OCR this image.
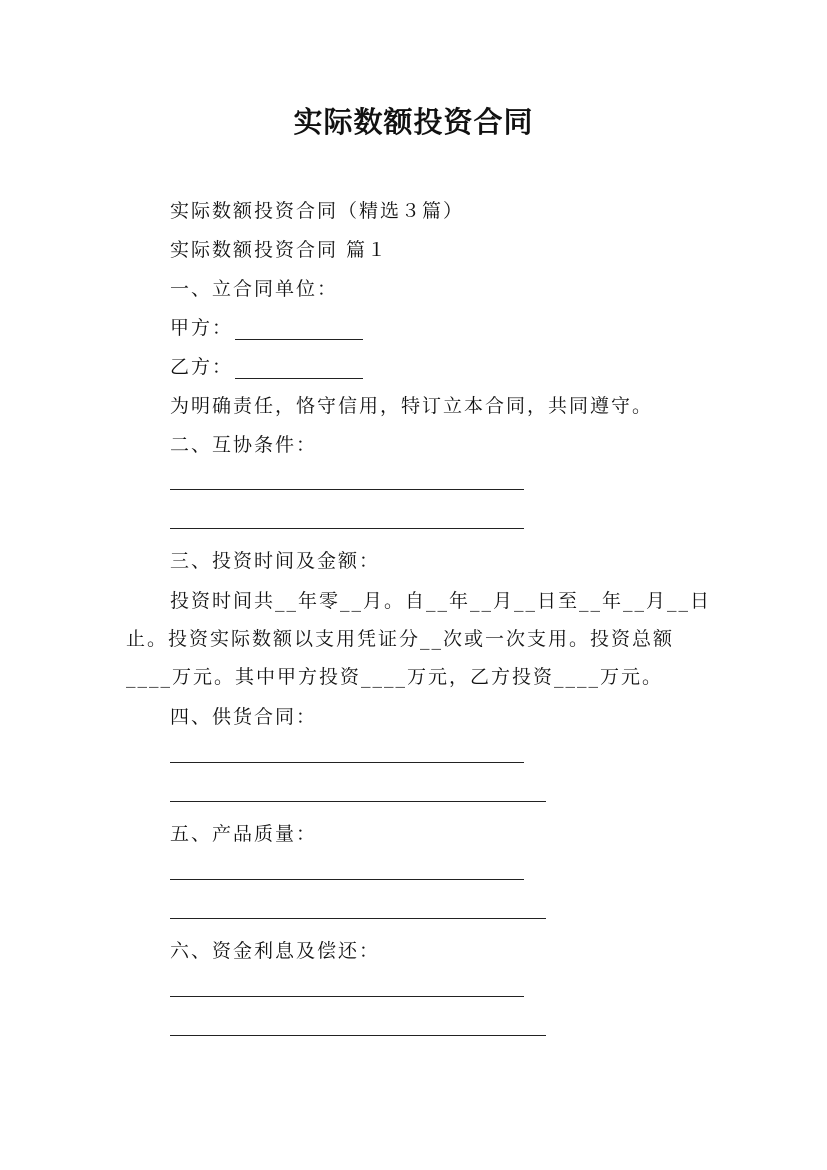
实际数额投资合同
实际数额投资合同（精选３篇）
实际数额投资合同 篇１
一、立合同单位：
甲方：
乙方：
为明确责任，恪守信用，特订立本合同，共同遵守。
二、互协条件：
三、投资时间及金额：
投资时间共__年零__月。自__年__月__日至__年__月__日止。投资实际数额以支用凭证分__次或一次支用。投资总额____万元。其中甲方投资____万元，乙方投资____万元。
四、供货合同：
五、产品质量：
六、资金利息及偿还：
